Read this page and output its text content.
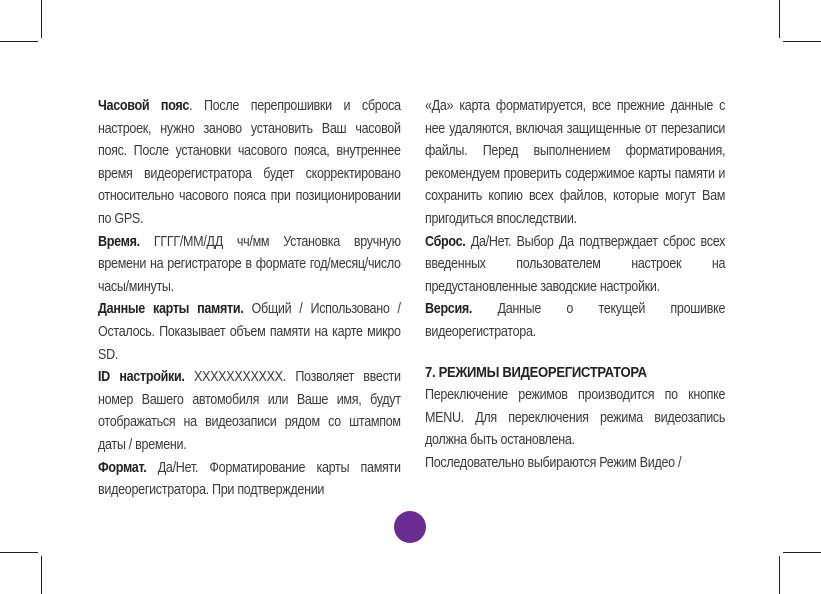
Часовой пояс. После перепрошивки и сброса настроек, нужно заново установить Ваш часовой пояс. После установки часового пояса, внутреннее время видеорегистратора будет скорректировано относительно часового пояса при позиционировании по GPS.

Время. ГГГГ/ММ/ДД чч/мм Установка вручную времени на регистраторе в формате год/месяц/число часы/минуты.

Данные карты памяти. Общий / Использовано / Осталось. Показывает объем памяти на карте микро SD.

ID настройки. XXXXXXXXXXX. Позволяет ввести номер Вашего автомобиля или Ваше имя, будут отображаться на видеозаписи рядом со штампом даты / времени.

Формат. Да/Нет. Форматирование карты памяти видеорегистратора. При подтверждении

«Да» карта форматируется, все прежние данные с нее удаляются, включая защищенные от перезаписи файлы. Перед выполнением форматирования, рекомендуем проверить содержимое карты памяти и сохранить копию всех файлов, которые могут Вам пригодиться впоследствии.

Сброс. Да/Нет. Выбор Да подтверждает сброс всех введенных пользователем настроек на предустановленные заводские настройки.

Версия. Данные о текущей прошивке видеорегистратора.

7. РЕЖИМЫ ВИДЕОРЕГИСТРАТОРА

Переключение режимов производится по кнопке MENU. Для переключения режима видеозапись должна быть остановлена.

Последовательно выбираются Режим Видео /
